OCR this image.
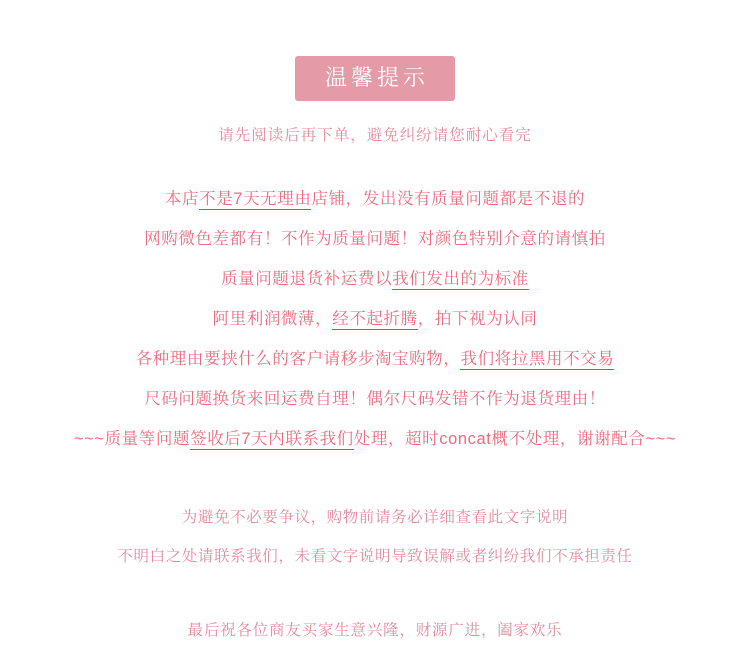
温馨提示
请先阅读后再下单，避免纠纷请您耐心看完
本店不是7天无理由店铺，发出没有质量问题都是不退的
网购微色差都有！不作为质量问题！对颜色特别介意的请慎拍
质量问题退货补运费以我们发出的为标准
阿里利润微薄，经不起折腾，拍下视为认同
各种理由要挟什么的客户请移步淘宝购物，我们将拉黑用不交易
尺码问题换货来回运费自理！偶尔尺码发错不作为退货理由！
~~~质量等问题签收后7天内联系我们处理，超时concat概不处理，谢谢配合~~~
为避免不必要争议，购物前请务必详细查看此文字说明
不明白之处请联系我们，未看文字说明导致误解或者纠纷我们不承担责任
最后祝各位商友买家生意兴隆，财源广进，阖家欢乐
